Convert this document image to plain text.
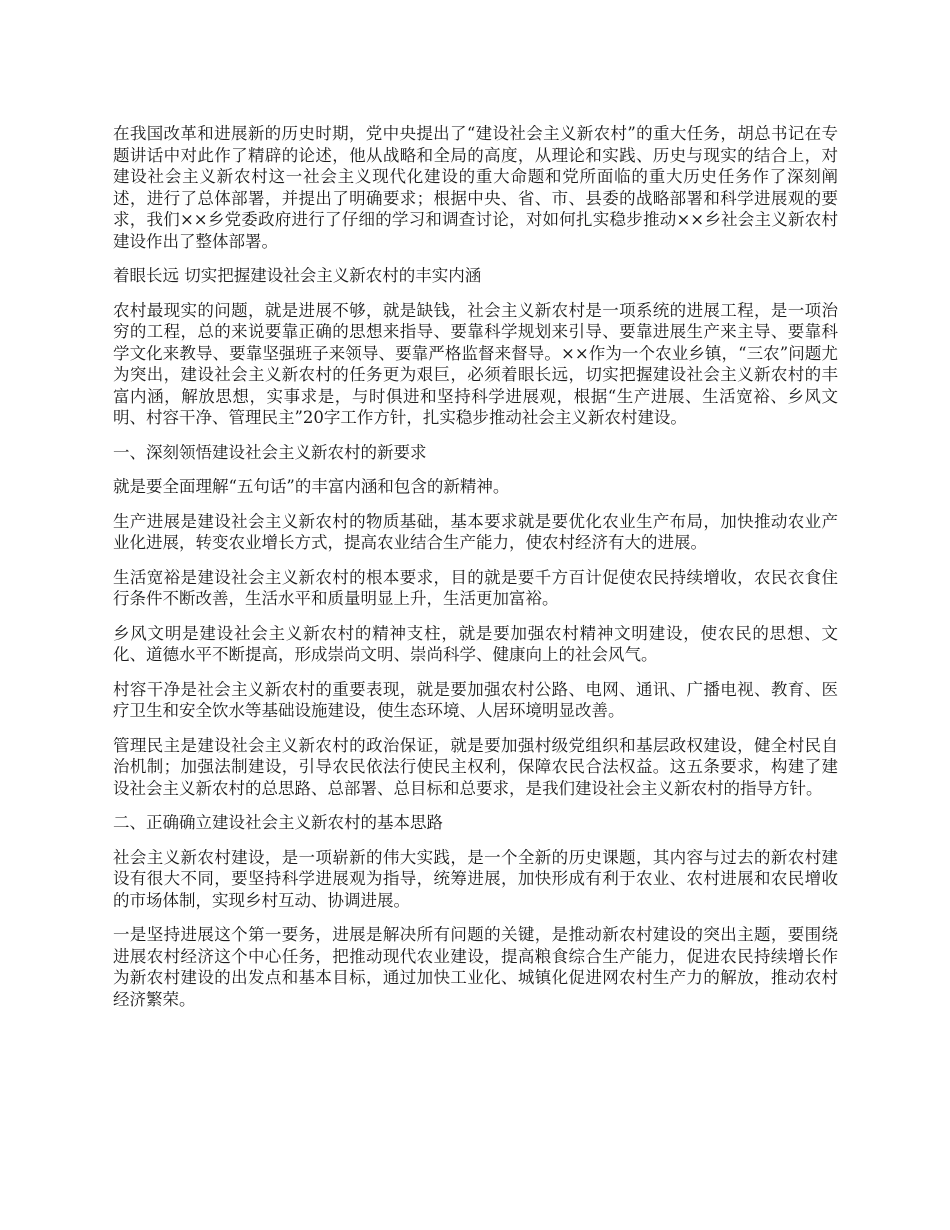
在我国改革和进展新的历史时期，党中央提出了“建设社会主义新农村”的重大任务，胡总书记在专题讲话中对此作了精辟的论述，他从战略和全局的高度，从理论和实践、历史与现实的结合上，对建设社会主义新农村这一社会主义现代化建设的重大命题和党所面临的重大历史任务作了深刻阐述，进行了总体部署，并提出了明确要求；根据中央、省、市、县委的战略部署和科学进展观的要求，我们××乡党委政府进行了仔细的学习和调查讨论，对如何扎实稳步推动××乡社会主义新农村建设作出了整体部署。

着眼长远 切实把握建设社会主义新农村的丰实内涵

农村最现实的问题，就是进展不够，就是缺钱，社会主义新农村是一项系统的进展工程，是一项治穷的工程，总的来说要靠正确的思想来指导、要靠科学规划来引导、要靠进展生产来主导、要靠科学文化来教导、要靠坚强班子来领导、要靠严格监督来督导。××作为一个农业乡镇，“三农”问题尤为突出，建设社会主义新农村的任务更为艰巨，必须着眼长远，切实把握建设社会主义新农村的丰富内涵，解放思想，实事求是，与时俱进和坚持科学进展观，根据“生产进展、生活宽裕、乡风文明、村容干净、管理民主”20字工作方针，扎实稳步推动社会主义新农村建设。

一、深刻领悟建设社会主义新农村的新要求

就是要全面理解“五句话”的丰富内涵和包含的新精神。

生产进展是建设社会主义新农村的物质基础，基本要求就是要优化农业生产布局，加快推动农业产业化进展，转变农业增长方式，提高农业结合生产能力，使农村经济有大的进展。

生活宽裕是建设社会主义新农村的根本要求，目的就是要千方百计促使农民持续增收，农民衣食住行条件不断改善，生活水平和质量明显上升，生活更加富裕。

乡风文明是建设社会主义新农村的精神支柱，就是要加强农村精神文明建设，使农民的思想、文化、道德水平不断提高，形成崇尚文明、崇尚科学、健康向上的社会风气。

村容干净是社会主义新农村的重要表现，就是要加强农村公路、电网、通讯、广播电视、教育、医疗卫生和安全饮水等基础设施建设，使生态环境、人居环境明显改善。

管理民主是建设社会主义新农村的政治保证，就是要加强村级党组织和基层政权建设，健全村民自治机制；加强法制建设，引导农民依法行使民主权利，保障农民合法权益。这五条要求，构建了建设社会主义新农村的总思路、总部署、总目标和总要求，是我们建设社会主义新农村的指导方针。

二、正确确立建设社会主义新农村的基本思路

社会主义新农村建设，是一项崭新的伟大实践，是一个全新的历史课题，其内容与过去的新农村建设有很大不同，要坚持科学进展观为指导，统筹进展，加快形成有利于农业、农村进展和农民增收的市场体制，实现乡村互动、协调进展。

一是坚持进展这个第一要务，进展是解决所有问题的关键，是推动新农村建设的突出主题，要围绕进展农村经济这个中心任务，把推动现代农业建设，提高粮食综合生产能力，促进农民持续增长作为新农村建设的出发点和基本目标，通过加快工业化、城镇化促进网农村生产力的解放，推动农村经济繁荣。
